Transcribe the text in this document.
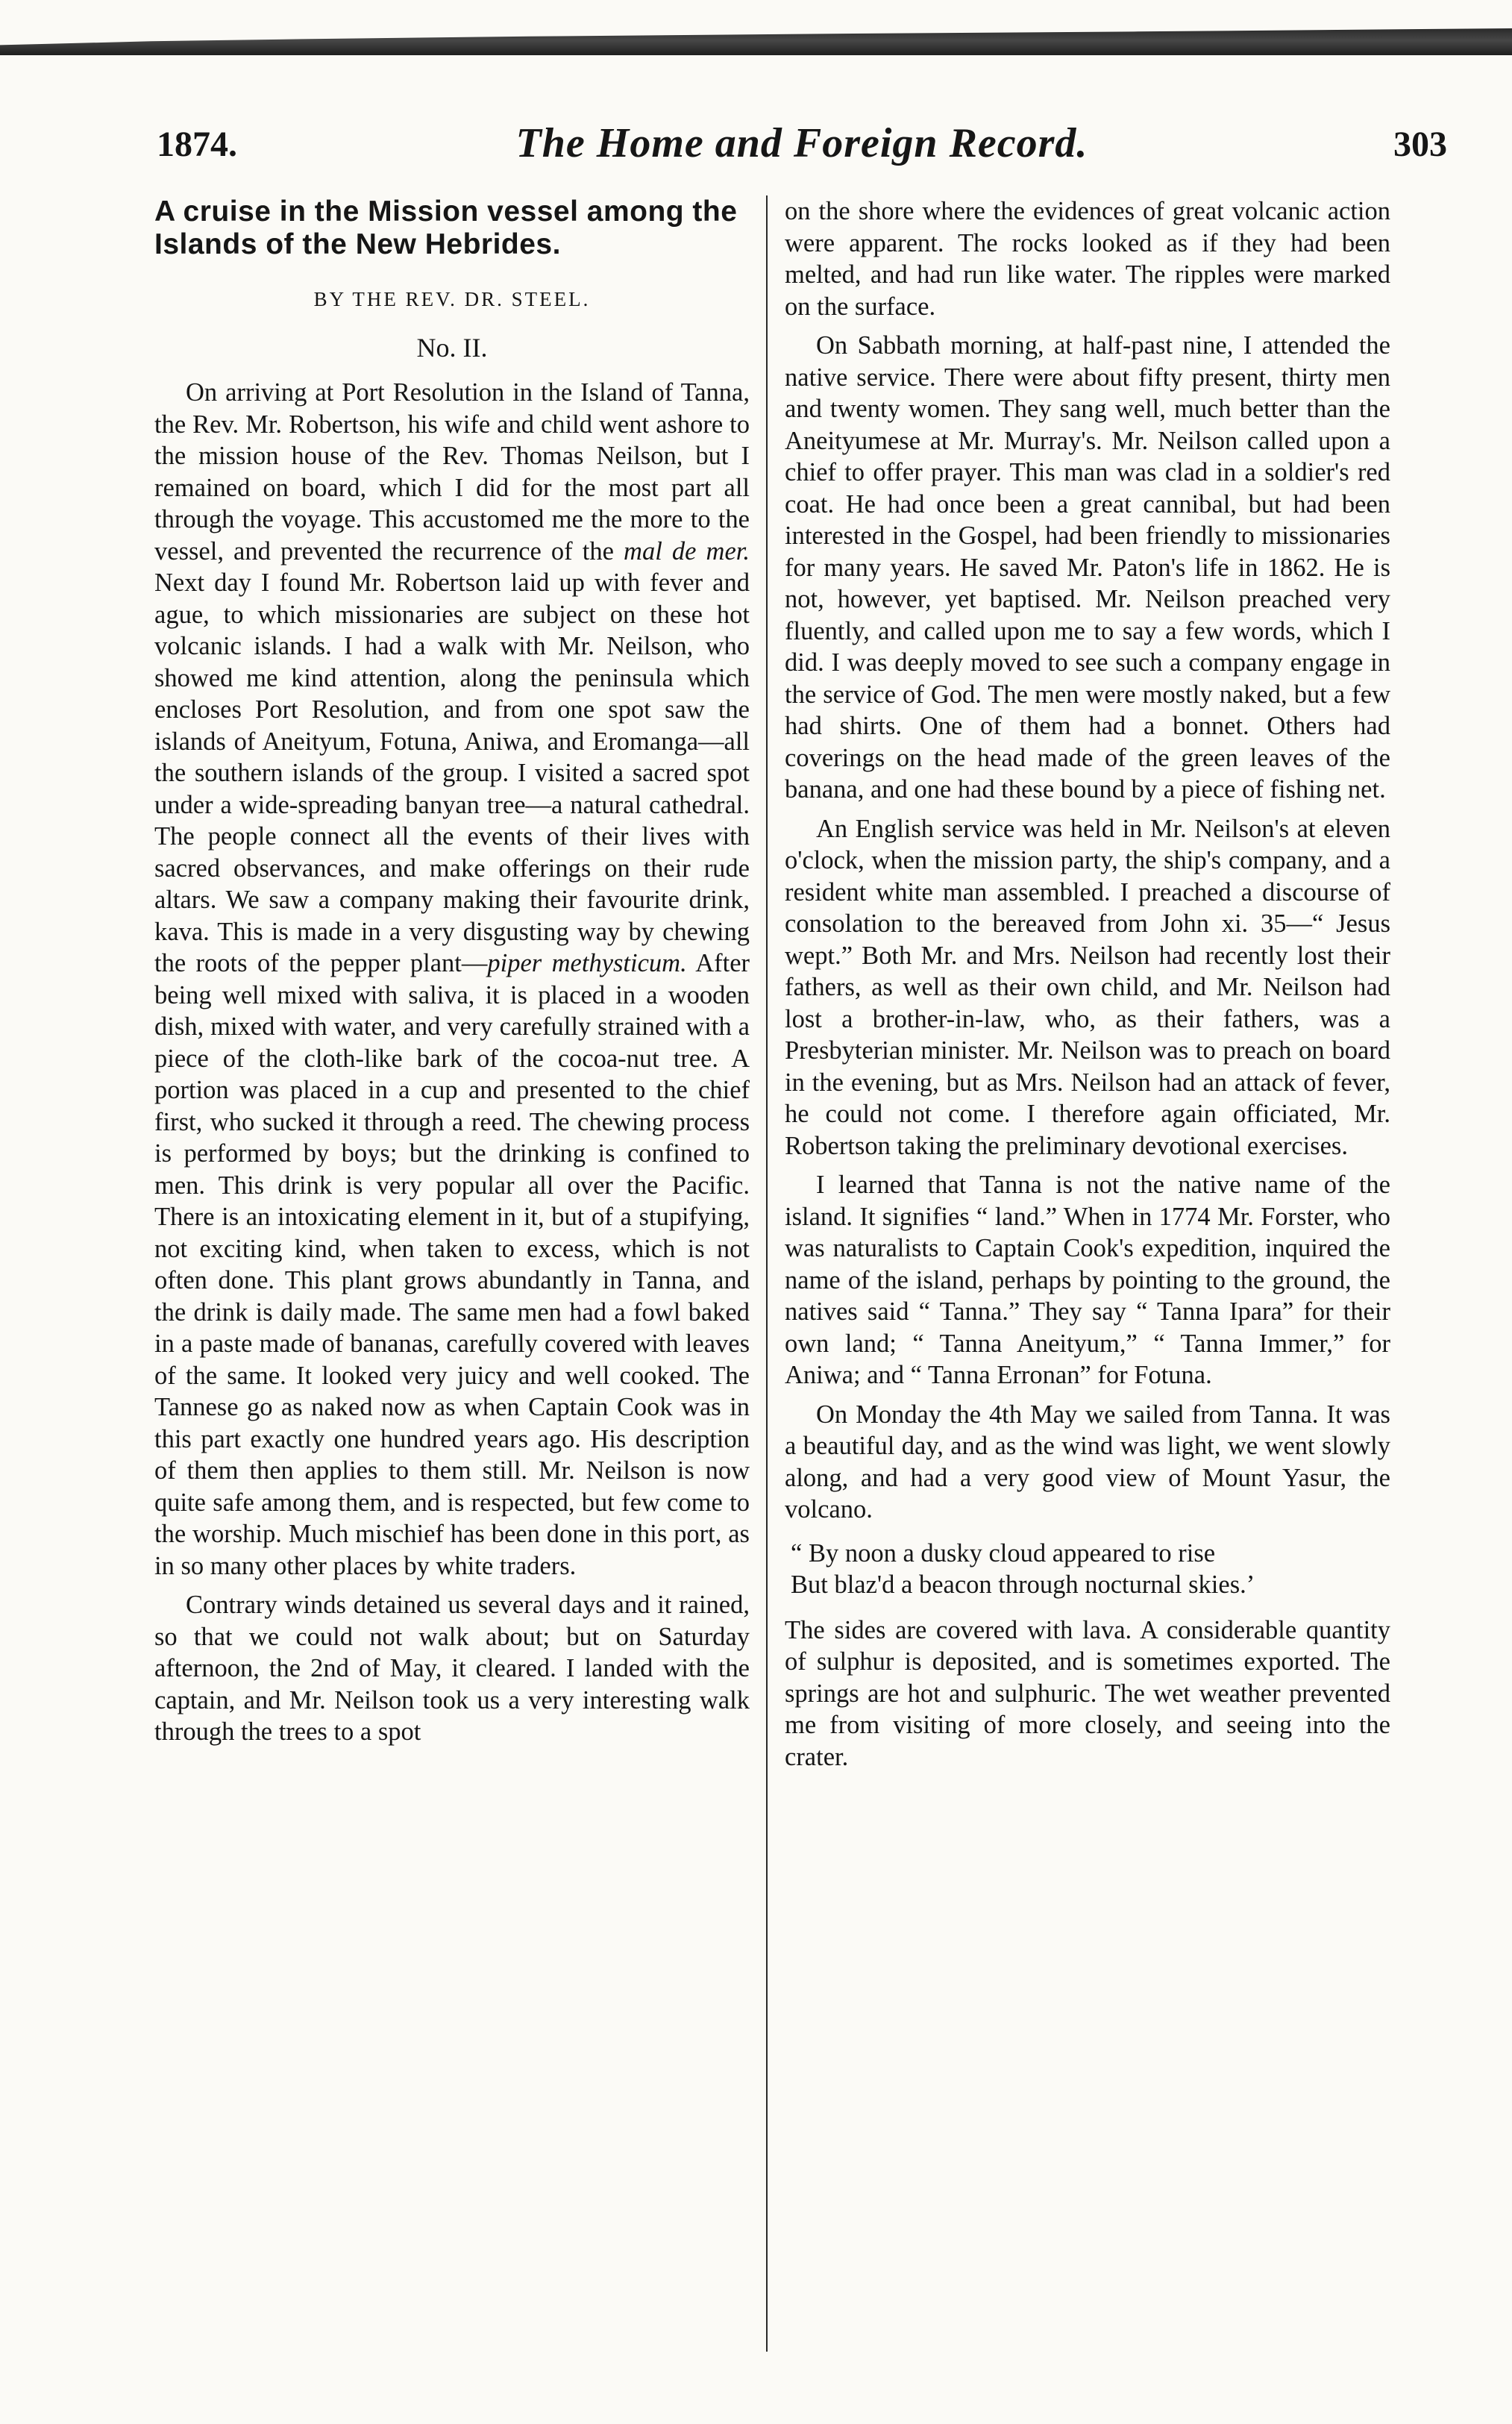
1874.	The Home and Foreign Record.	303
A cruise in the Mission vessel among the Islands of the New Hebrides.
BY THE REV. DR. STEEL.
No. II.

On arriving at Port Resolution in the Island of Tanna, the Rev. Mr. Robertson, his wife and child went ashore to the mission house of the Rev. Thomas Neilson, but I remained on board, which I did for the most part all through the voyage. This accustomed me the more to the vessel, and prevented the recurrence of the mal de mer. Next day I found Mr. Robertson laid up with fever and ague, to which missionaries are subject on these hot volcanic islands. I had a walk with Mr. Neilson, who showed me kind attention, along the peninsula which encloses Port Resolution, and from one spot saw the islands of Aneityum, Fotuna, Aniwa, and Eromanga—all the southern islands of the group. I visited a sacred spot under a wide-spreading banyan tree—a natural cathedral. The people connect all the events of their lives with sacred observances, and make offerings on their rude altars. We saw a company making their favourite drink, kava. This is made in a very disgusting way by chewing the roots of the pepper plant—piper methysticum. After being well mixed with saliva, it is placed in a wooden dish, mixed with water, and very carefully strained with a piece of the cloth-like bark of the cocoa-nut tree. A portion was placed in a cup and presented to the chief first, who sucked it through a reed. The chewing process is performed by boys; but the drinking is confined to men. This drink is very popular all over the Pacific. There is an intoxicating element in it, but of a stupifying, not exciting kind, when taken to excess, which is not often done. This plant grows abundantly in Tanna, and the drink is daily made. The same men had a fowl baked in a paste made of bananas, carefully covered with leaves of the same. It looked very juicy and well cooked. The Tannese go as naked now as when Captain Cook was in this part exactly one hundred years ago. His description of them then applies to them still. Mr. Neilson is now quite safe among them, and is respected, but few come to the worship. Much mischief has been done in this port, as in so many other places by white traders.

Contrary winds detained us several days and it rained, so that we could not walk about; but on Saturday afternoon, the 2nd of May, it cleared. I landed with the captain, and Mr. Neilson took us a very interesting walk through the trees to a spot

on the shore where the evidences of great volcanic action were apparent. The rocks looked as if they had been melted, and had run like water. The ripples were marked on the surface.

On Sabbath morning, at half-past nine, I attended the native service. There were about fifty present, thirty men and twenty women. They sang well, much better than the Aneityumese at Mr. Murray's. Mr. Neilson called upon a chief to offer prayer. This man was clad in a soldier's red coat. He had once been a great cannibal, but had been interested in the Gospel, had been friendly to missionaries for many years. He saved Mr. Paton's life in 1862. He is not, however, yet baptised. Mr. Neilson preached very fluently, and called upon me to say a few words, which I did. I was deeply moved to see such a company engage in the service of God. The men were mostly naked, but a few had shirts. One of them had a bonnet. Others had coverings on the head made of the green leaves of the banana, and one had these bound by a piece of fishing net.

An English service was held in Mr. Neilson's at eleven o'clock, when the mission party, the ship's company, and a resident white man assembled. I preached a discourse of consolation to the bereaved from John xi. 35—“ Jesus wept.” Both Mr. and Mrs. Neilson had recently lost their fathers, as well as their own child, and Mr. Neilson had lost a brother-in-law, who, as their fathers, was a Presbyterian minister. Mr. Neilson was to preach on board in the evening, but as Mrs. Neilson had an attack of fever, he could not come. I therefore again officiated, Mr. Robertson taking the preliminary devotional exercises.

I learned that Tanna is not the native name of the island. It signifies “ land.” When in 1774 Mr. Forster, who was naturalists to Captain Cook's expedition, inquired the name of the island, perhaps by pointing to the ground, the natives said “ Tanna.” They say “ Tanna Ipara” for their own land; “ Tanna Aneityum,” “ Tanna Immer,” for Aniwa; and “ Tanna Erronan” for Fotuna.

On Monday the 4th May we sailed from Tanna. It was a beautiful day, and as the wind was light, we went slowly along, and had a very good view of Mount Yasur, the volcano.

“ By noon a dusky cloud appeared to rise
But blaz'd a beacon through nocturnal skies.’

The sides are covered with lava. A considerable quantity of sulphur is deposited, and is sometimes exported. The springs are hot and sulphuric. The wet weather prevented me from visiting of more closely, and seeing into the crater.
